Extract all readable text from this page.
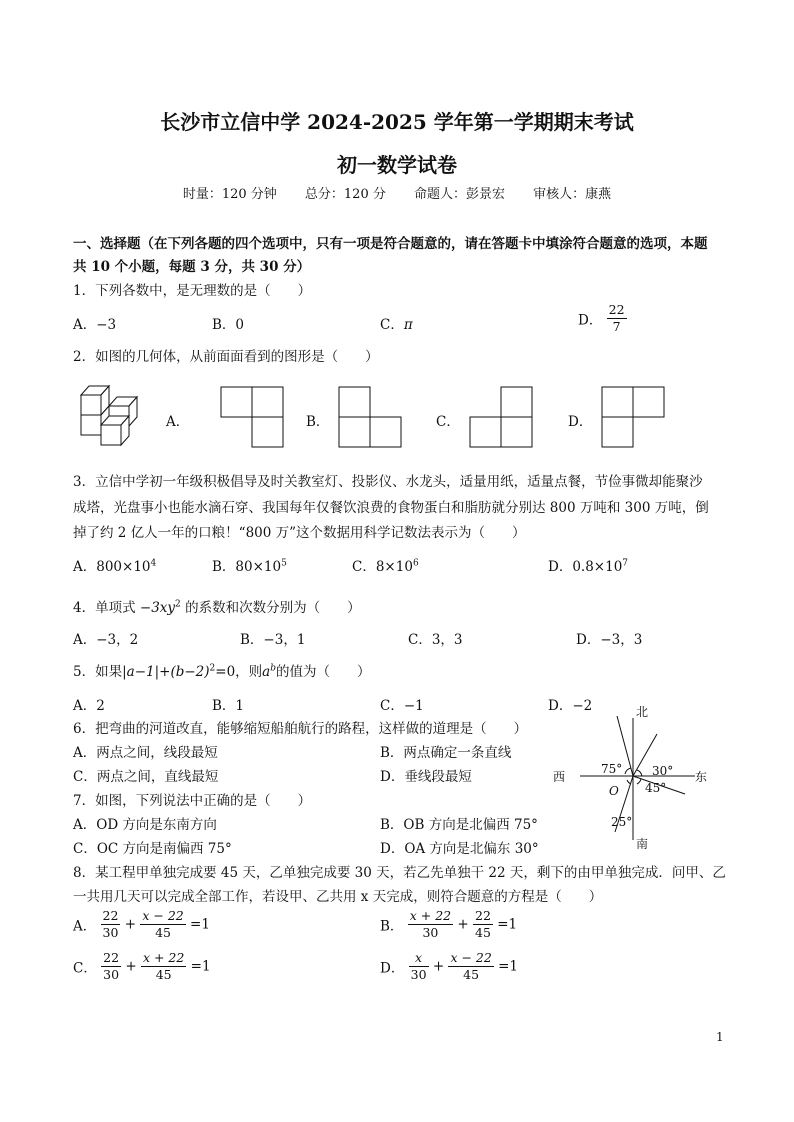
长沙市立信中学 2024-2025 学年第一学期期末考试
初一数学试卷
时量：120 分钟 总分：120 分 命题人：彭景宏 审核人：康燕
一、选择题（在下列各题的四个选项中，只有一项是符合题意的，请在答题卡中填涂符合题意的选项，本题
共 10 个小题，每题 3 分，共 30 分）
1．下列各数中，是无理数的是（　　）
A．−3	B．0	C．π	D． $\frac{22}{7}$
2．如图的几何体，从前面面看到的图形是（　　）
A．	B．	C．	D．
3．立信中学初一年级积极倡导及时关教室灯、投影仪、水龙头，适量用纸，适量点餐，节俭事微却能聚沙
成塔，光盘事小也能水滴石穿、我国每年仅餐饮浪费的食物蛋白和脂肪就分别达 800 万吨和 300 万吨，倒
掉了约 2 亿人一年的口粮！“800 万”这个数据用科学记数法表示为（　　）
A．$800\times 10^4$	B．$80\times 10^5$	C．$8\times 10^6$	D．$0.8\times 10^7$
4．单项式 $-3xy^2$ 的系数和次数分别为（　　）
A．−3，2	B．−3，1	C．3，3	D．−3，3
5．如果$|a-1|+(b-2)^2=0$，则$a^b$的值为（　　）
A．2	B．1	C．−1	D．−2
6．把弯曲的河道改直，能够缩短船舶航行的路程，这样做的道理是（　　）
A．两点之间，线段最短	B．两点确定一条直线
C．两点之间，直线最短	D．垂线段最短
7．如图，下列说法中正确的是（　　）
A．OD 方向是东南方向	B．OB 方向是北偏西 75°
C．OC 方向是南偏西 75°	D．OA 方向是北偏东 30°
北
南
西	东
O
75° 30°
45°
25°
8．某工程甲单独完成要 45 天，乙单独完成要 30 天，若乙先单独干 22 天，剩下的由甲单独完成．问甲、乙
一共用几天可以完成全部工作，若设甲、乙共用 x 天完成，则符合题意的方程是（　　）
A． $\frac{22}{30} + \frac{x - 22}{45} =1$	B． $\frac{x + 22}{30} + \frac{22}{45} =1$
C． $\frac{22}{30} + \frac{x + 22}{45} =1$	D． $\frac{x}{30} + \frac{x - 22}{45} =1$
1
